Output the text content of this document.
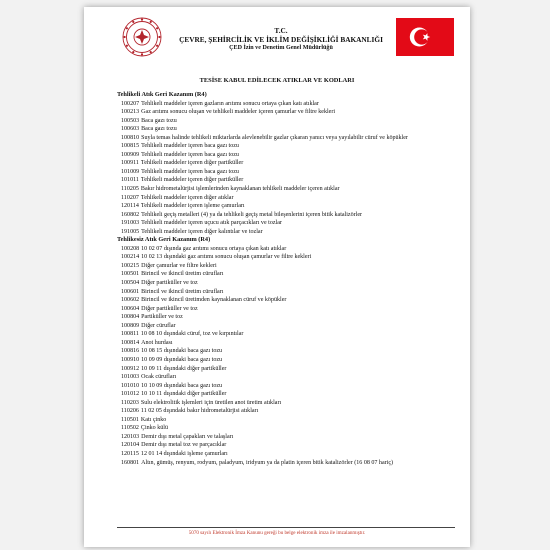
T.C.
ÇEVRE, ŞEHİRCİLİK VE İKLİM DEĞİŞİKLİĞİ BAKANLIĞI
ÇED İzin ve Denetim Genel Müdürlüğü
TESİSE KABUL EDİLECEK ATIKLAR VE KODLARI
Tehlikeli Atık Geri Kazanım (R4)
100207 Tehlikeli maddeler içeren gazların arıtımı sonucu ortaya çıkan katı atıklar
100213 Gaz arıtımı sonucu oluşan ve tehlikeli maddeler içeren çamurlar ve filtre kekleri
100503 Baca gazı tozu
100603 Baca gazı tozu
100810 Suyla temas halinde tehlikeli miktarlarda alevlenebilir gazlar çıkaran yanıcı veya yayılabilir cüruf ve köpükler
100815 Tehlikeli maddeler içeren baca gazı tozu
100909 Tehlikeli maddeler içeren baca gazı tozu
100911 Tehlikeli maddeler içeren diğer partiküller
101009 Tehlikeli maddeler içeren baca gazı tozu
101011 Tehlikeli maddeler içeren diğer partiküller
110205 Bakır hidrometalürjisi işlemlerinden kaynaklanan tehlikeli maddeler içeren atıklar
110207 Tehlikeli maddeler içeren diğer atıklar
120114 Tehlikeli maddeler içeren işleme çamurları
160802 Tehlikeli geçiş metalleri (4) ya da tehlikeli geçiş metal bileşenlerini içeren bitik katalizörler
191003 Tehlikeli maddeler içeren uçucu atık parçacıkları ve tozlar
191005 Tehlikeli maddeler içeren diğer kalıntılar ve tozlar
Tehlikesiz Atık Geri Kazanım (R4)
100208 10 02 07 dışında gaz arıtımı sonucu ortaya çıkan katı atıklar
100214 10 02 13 dışındaki gaz arıtımı sonucu oluşan çamurlar ve filtre kekleri
100215 Diğer çamurlar ve filtre kekleri
100501 Birincil ve ikincil üretim cürufları
100504 Diğer partiküller ve toz
100601 Birincil ve ikincil üretim cürufları
100602 Birincil ve ikincil üretimden kaynaklanan cüruf ve köpükler
100604 Diğer partiküller ve toz
100804 Partiküller ve toz
100809 Diğer cüruflar
100811 10 08 10 dışındaki cüruf, toz ve kırpıntılar
100814 Anot hurdası
100816 10 08 15 dışındaki baca gazı tozu
100910 10 09 09 dışındaki baca gazı tozu
100912 10 09 11 dışındaki diğer partiküller
101003 Ocak cürufları
101010 10 10 09 dışındaki baca gazı tozu
101012 10 10 11 dışındaki diğer partiküller
110203 Sulu elektrolitik işlemleri için üretilen anot üretim atıkları
110206 11 02 05 dışındaki bakır hidrometalürjisi atıkları
110501 Katı çinko
110502 Çinko külü
120103 Demir dışı metal çapakları ve talaşları
120104 Demir dışı metal toz ve parçacıklar
120115 12 01 14 dışındaki işleme çamurları
160801 Altın, gümüş, renyum, rodyum, paladyum, iridyum ya da platin içeren bitik katalizörler (16 08 07 hariç)
5070 sayılı Elektronik İmza Kanunu gereği bu belge elektronik imza ile imzalanmıştır.
